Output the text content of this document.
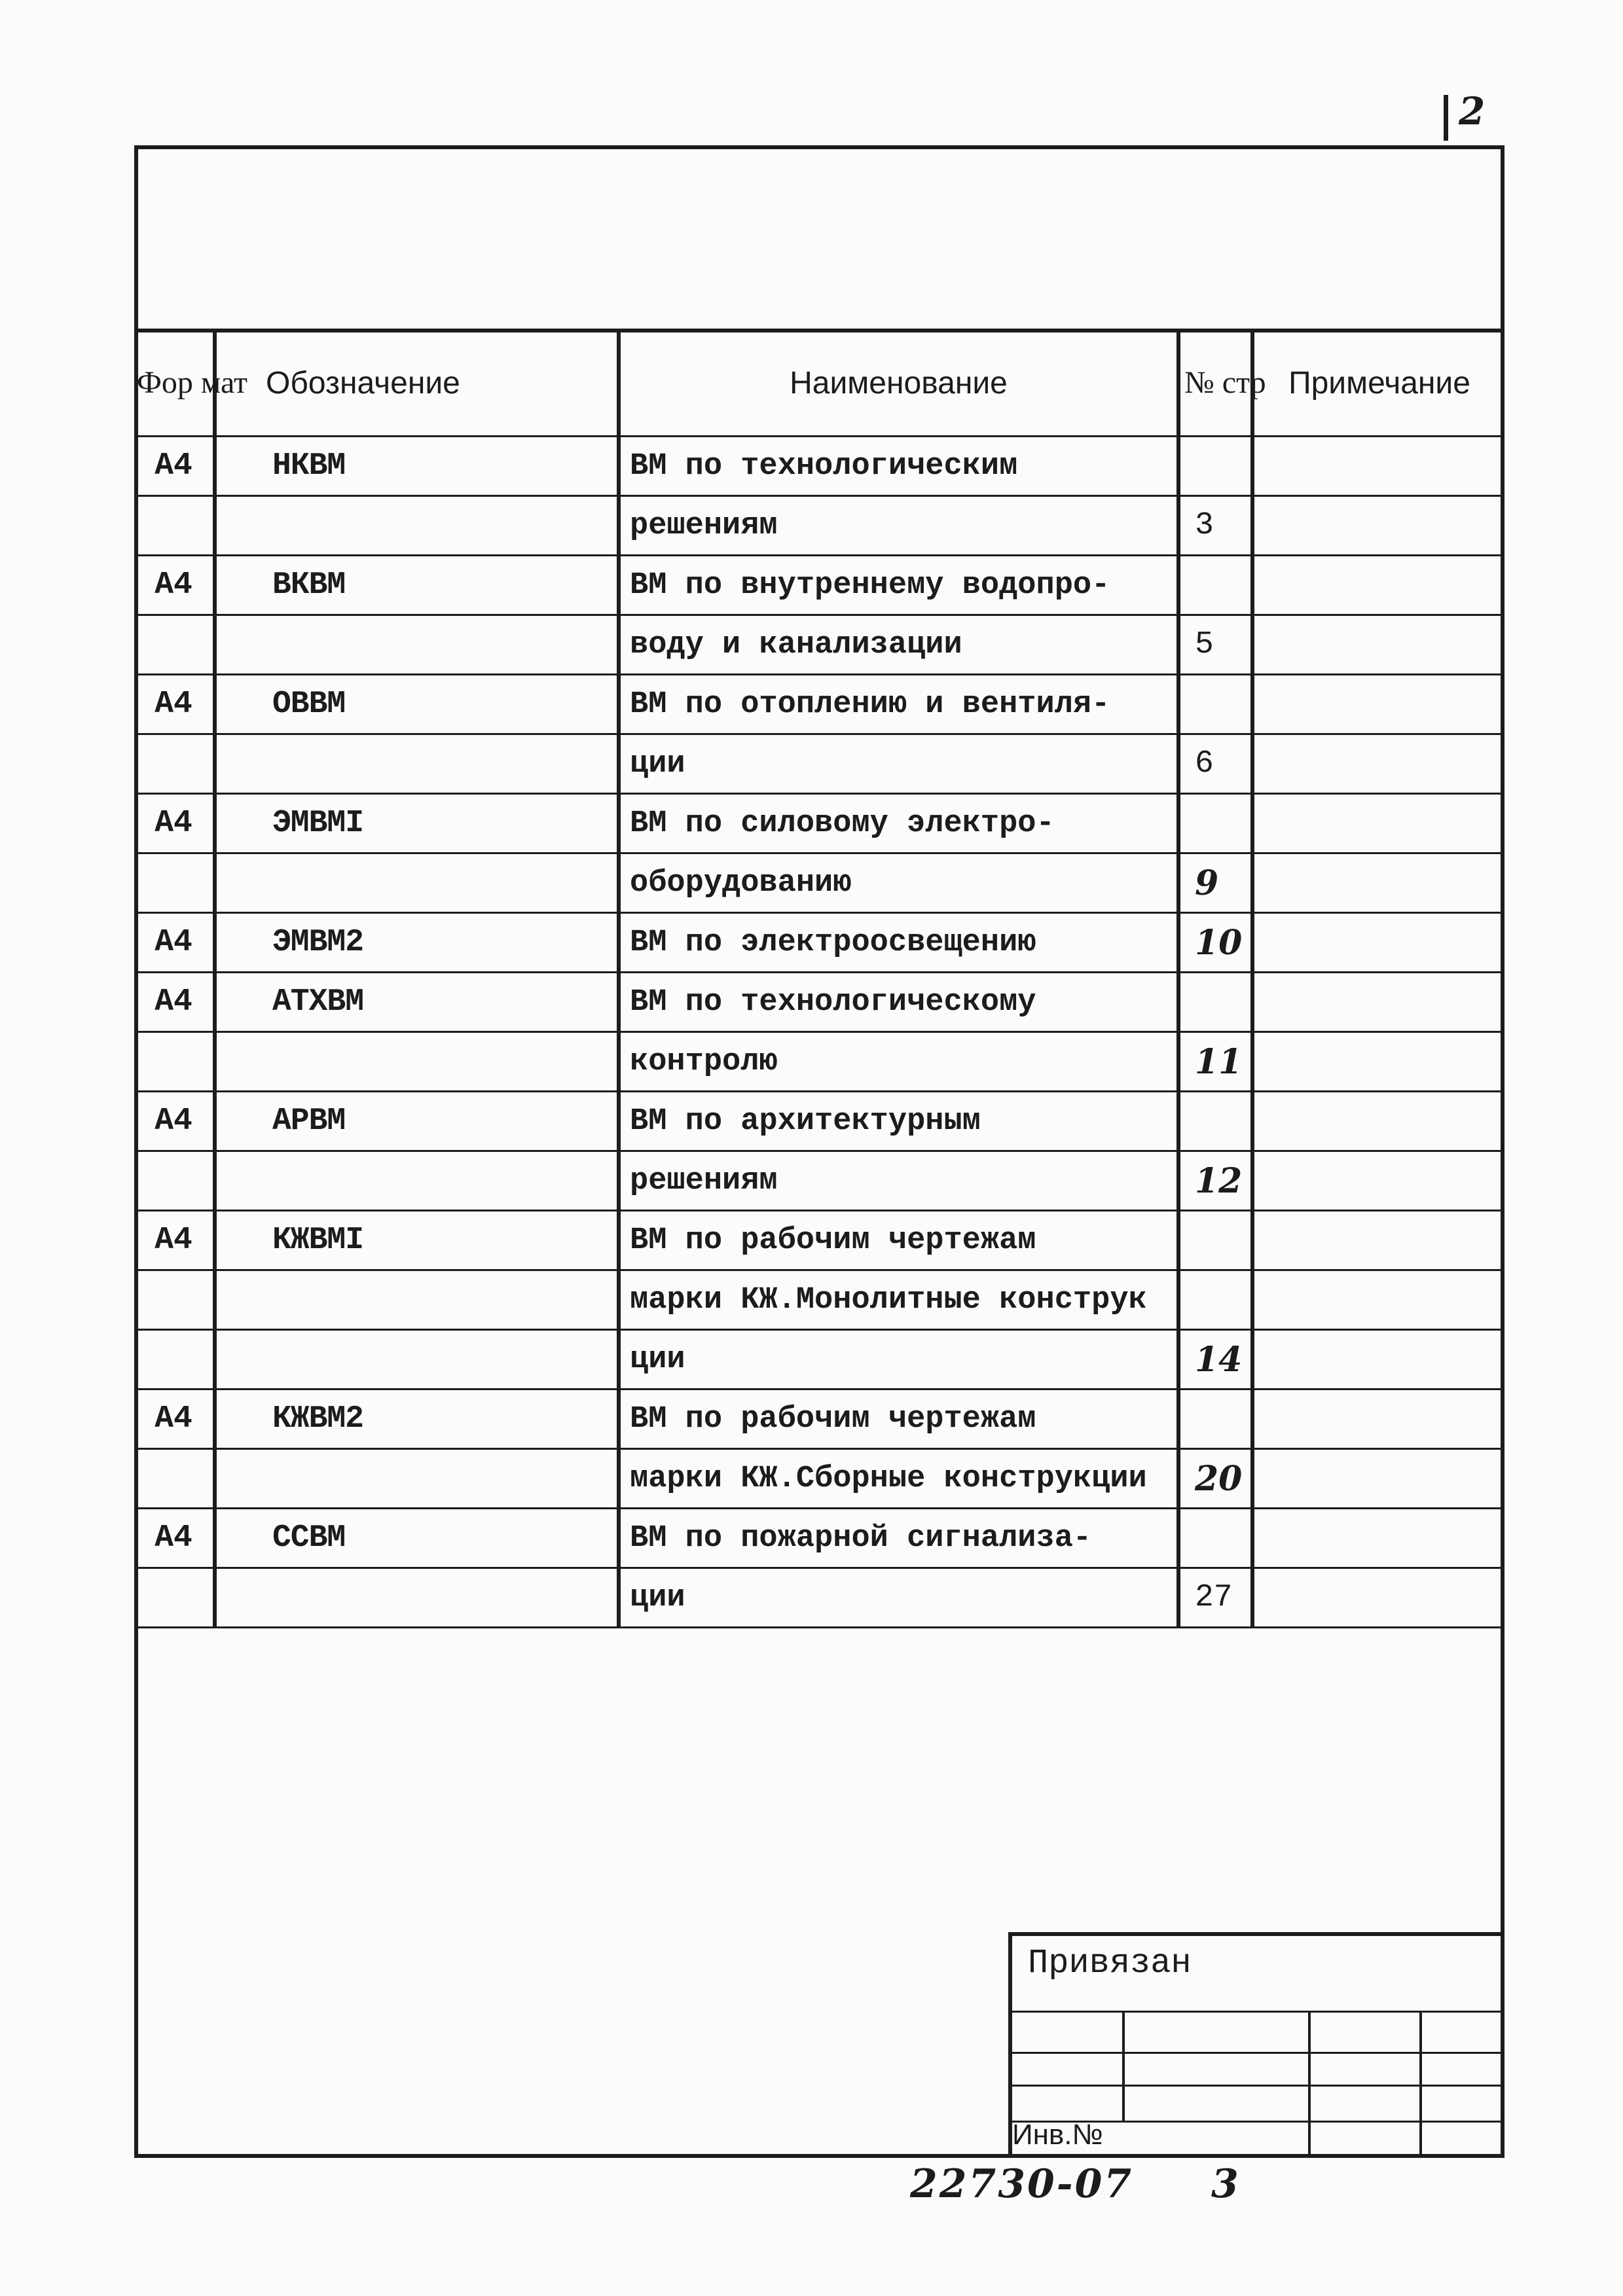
2
Фор мат	Обозначение	Наименование	№ стр	Примечание
А4	НКВМ	ВМ по технологическим		
		решениям	3	
А4	ВКВМ	ВМ по внутреннему водопро-		
		воду и канализации	5	
А4	ОВВМ	ВМ по отоплению и вентиля-		
		ции	6	
А4	ЭМВМI	ВМ по силовому электро-		
		оборудованию	9	
А4	ЭМВМ2	ВМ по электроосвещению	10	
А4	АТХВМ	ВМ по технологическому		
		контролю	11	
А4	АРВМ	ВМ по архитектурным		
		решениям	12	
А4	КЖВМI	ВМ по рабочим чертежам		
		марки КЖ.Монолитные конструк		
		ции	14	
А4	КЖВМ2	ВМ по рабочим чертежам		
		марки КЖ.Сборные конструкции	20	
А4	ССВМ	ВМ по пожарной сигнализа-		
		ции	27	
Привязан
Инв.№
22730-07 3
